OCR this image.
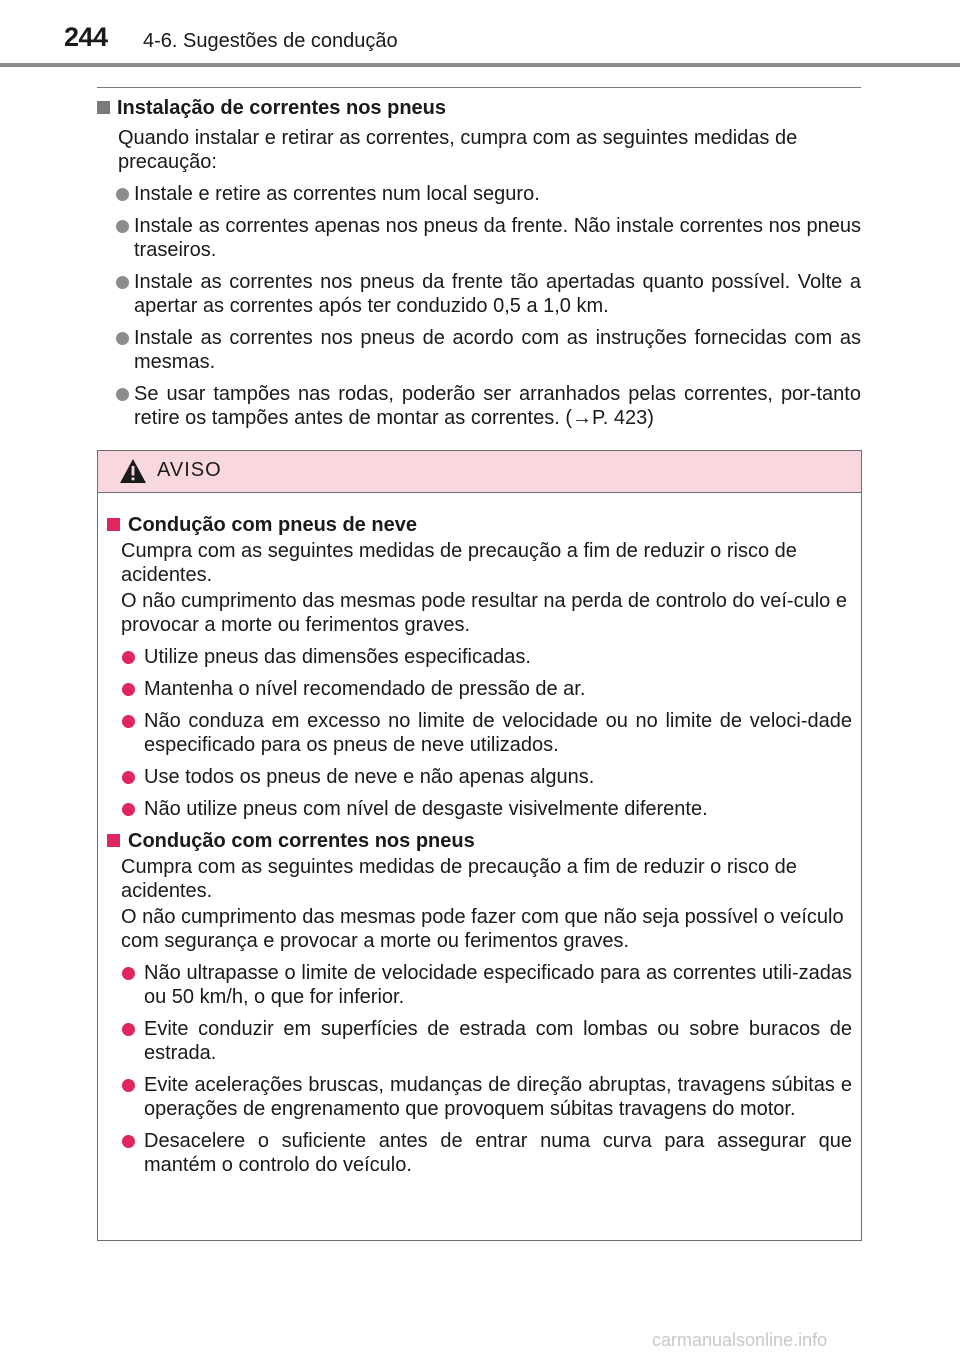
244 4-6. Sugestões de condução
Instalação de correntes nos pneus
Quando instalar e retirar as correntes, cumpra com as seguintes medidas de precaução:
Instale e retire as correntes num local seguro.
Instale as correntes apenas nos pneus da frente. Não instale correntes nos pneus traseiros.
Instale as correntes nos pneus da frente tão apertadas quanto possível. Volte a apertar as correntes após ter conduzido 0,5 a 1,0 km.
Instale as correntes nos pneus de acordo com as instruções fornecidas com as mesmas.
Se usar tampões nas rodas, poderão ser arranhados pelas correntes, por-tanto retire os tampões antes de montar as correntes. (→P. 423)
AVISO
Condução com pneus de neve
Cumpra com as seguintes medidas de precaução a fim de reduzir o risco de acidentes.
O não cumprimento das mesmas pode resultar na perda de controlo do veí-culo e provocar a morte ou ferimentos graves.
Utilize pneus das dimensões especificadas.
Mantenha o nível recomendado de pressão de ar.
Não conduza em excesso no limite de velocidade ou no limite de veloci-dade especificado para os pneus de neve utilizados.
Use todos os pneus de neve e não apenas alguns.
Não utilize pneus com nível de desgaste visivelmente diferente.
Condução com correntes nos pneus
Cumpra com as seguintes medidas de precaução a fim de reduzir o risco de acidentes.
O não cumprimento das mesmas pode fazer com que não seja possível o veículo com segurança e provocar a morte ou ferimentos graves.
Não ultrapasse o limite de velocidade especificado para as correntes utili-zadas ou 50 km/h, o que for inferior.
Evite conduzir em superfícies de estrada com lombas ou sobre buracos de estrada.
Evite acelerações bruscas, mudanças de direção abruptas, travagens súbitas e operações de engrenamento que provoquem súbitas travagens do motor.
Desacelere o suficiente antes de entrar numa curva para assegurar que mantém o controlo do veículo.
carmanualsonline.info
